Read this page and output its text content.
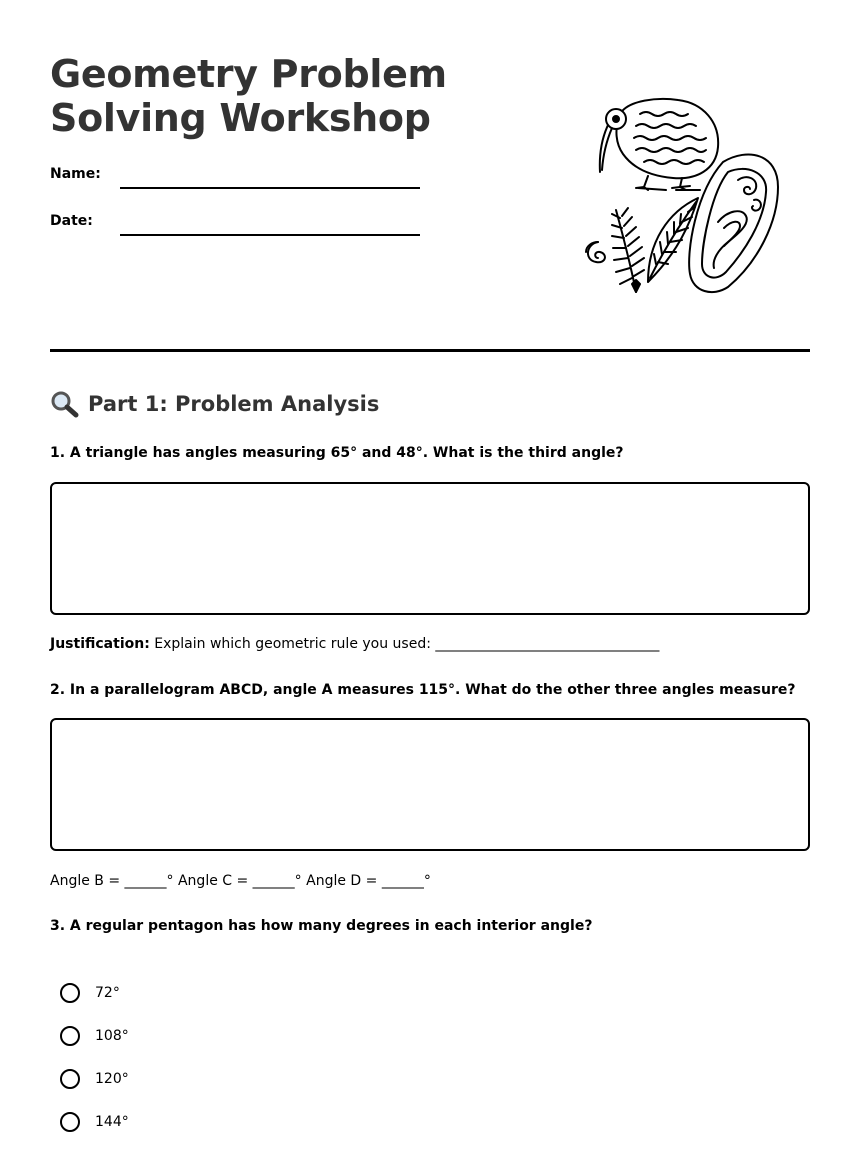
Geometry Problem
Solving Workshop
Name:
Date:
Part 1: Problem Analysis

1. A triangle has angles measuring 65° and 48°. What is the third angle?

Justification: Explain which geometric rule you used: ________________________________

2. In a parallelogram ABCD, angle A measures 115°. What do the other three angles measure?

Angle B = ______° Angle C = ______° Angle D = ______°

3. A regular pentagon has how many degrees in each interior angle?

72°
108°
120°
144°
